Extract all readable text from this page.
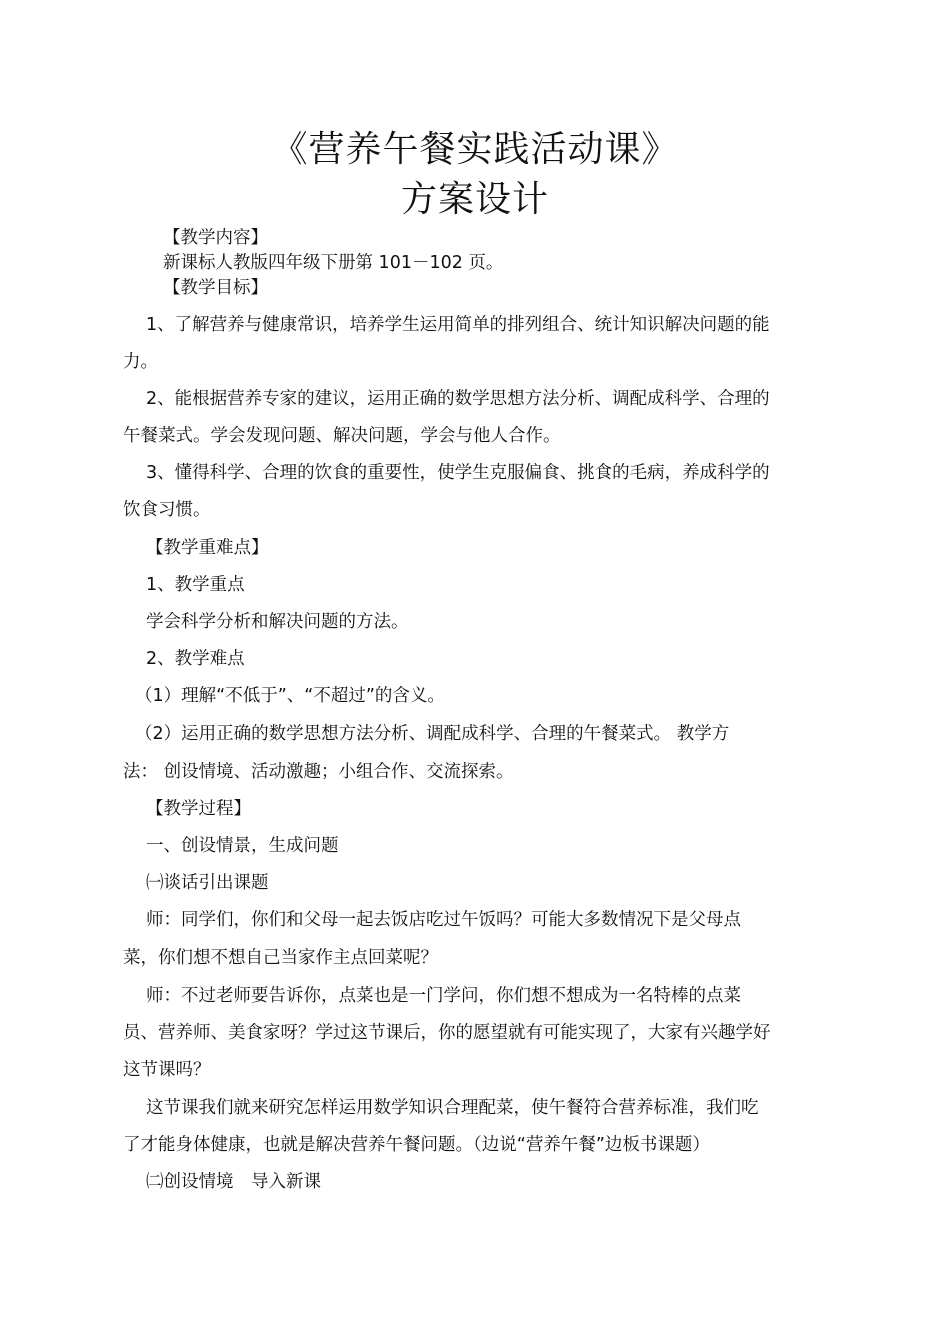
《营养午餐实践活动课》
方案设计
【教学内容】
新课标人教版四年级下册第 101－102 页。
【教学目标】
1、了解营养与健康常识，培养学生运用简单的排列组合、统计知识解决问题的能
力。
2、能根据营养专家的建议，运用正确的数学思想方法分析、调配成科学、合理的
午餐菜式。学会发现问题、解决问题，学会与他人合作。
3、懂得科学、合理的饮食的重要性，使学生克服偏食、挑食的毛病，养成科学的
饮食习惯。
【教学重难点】
1、教学重点
学会科学分析和解决问题的方法。
2、教学难点
（1）理解“不低于”、“不超过”的含义。
（2）运用正确的数学思想方法分析、调配成科学、合理的午餐菜式。 教学方
法： 创设情境、活动激趣；小组合作、交流探索。
【教学过程】
一、创设情景，生成问题
㈠谈话引出课题
师：同学们，你们和父母一起去饭店吃过午饭吗？可能大多数情况下是父母点
菜，你们想不想自己当家作主点回菜呢？
师：不过老师要告诉你，点菜也是一门学问，你们想不想成为一名特棒的点菜
员、营养师、美食家呀？学过这节课后，你的愿望就有可能实现了，大家有兴趣学好
这节课吗？
这节课我们就来研究怎样运用数学知识合理配菜，使午餐符合营养标准，我们吃
了才能身体健康，也就是解决营养午餐问题。（边说“营养午餐”边板书课题）
㈡创设情境　导入新课
